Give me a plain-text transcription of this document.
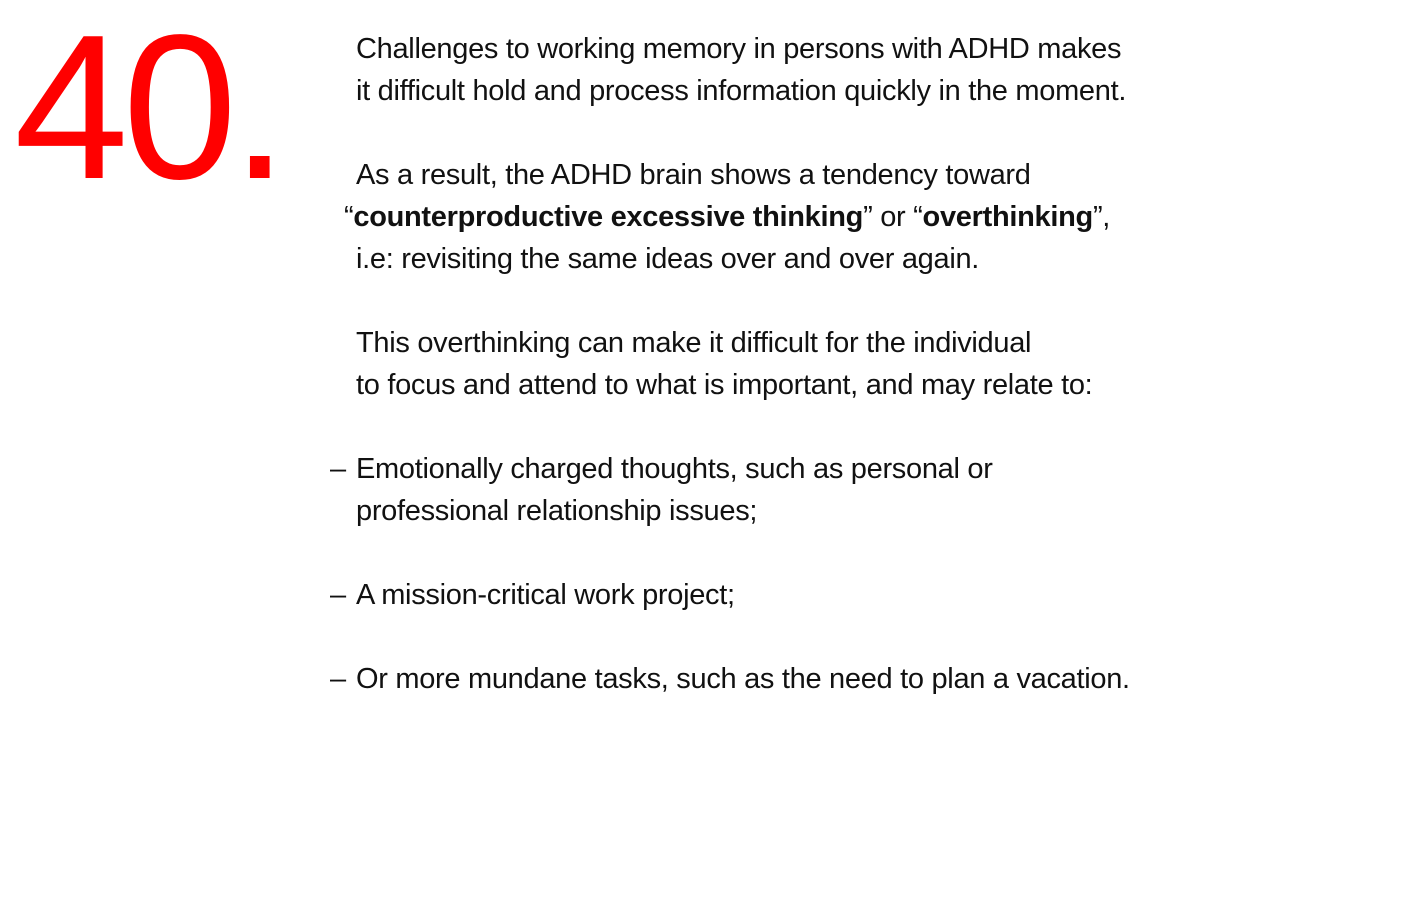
40.	Challenges to working memory in persons with ADHD makes
it difficult hold and process information quickly in the moment.

As a result, the ADHD brain shows a tendency toward
“counterproductive excessive thinking” or “overthinking”,
i.e: revisiting the same ideas over and over again.

This overthinking can make it difficult for the individual
to focus and attend to what is important, and may relate to:

– Emotionally charged thoughts, such as personal or
professional relationship issues;
– A mission-critical work project;
– Or more mundane tasks, such as the need to plan a vacation.
